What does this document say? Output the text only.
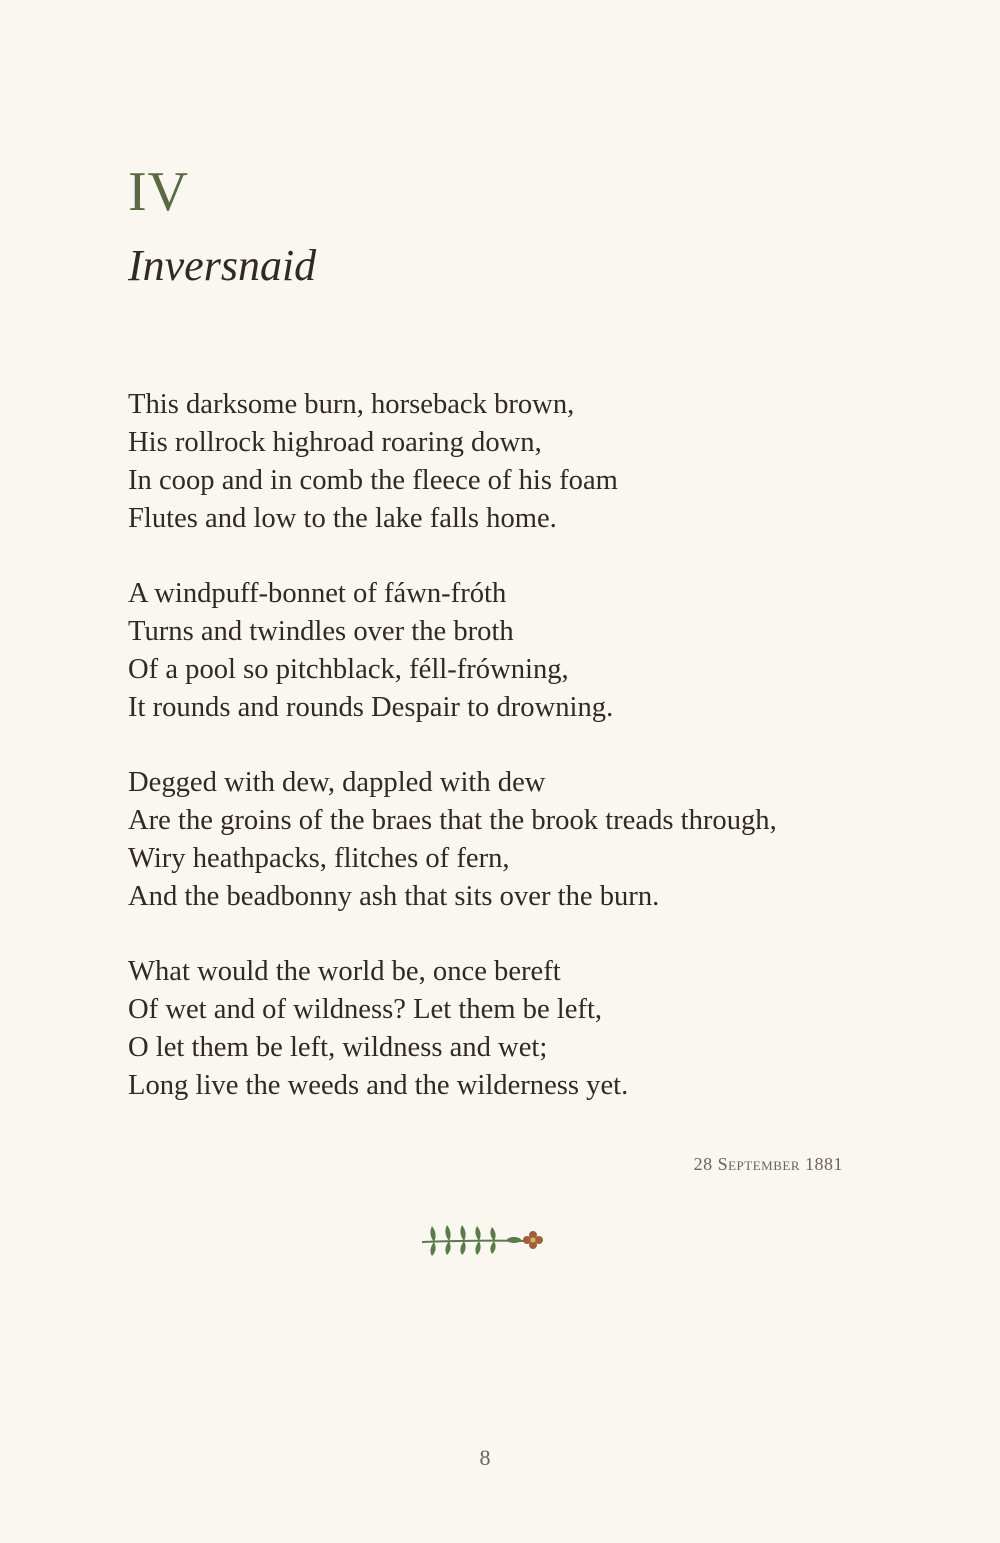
IV
Inversnaid
This darksome burn, horseback brown,
His rollrock highroad roaring down,
In coop and in comb the fleece of his foam
Flutes and low to the lake falls home.
A windpuff-bonnet of fáwn-fróth
Turns and twindles over the broth
Of a pool so pitchblack, féll-frówning,
It rounds and rounds Despair to drowning.
Degged with dew, dappled with dew
Are the groins of the braes that the brook treads through,
Wiry heathpacks, flitches of fern,
And the beadbonny ash that sits over the burn.
What would the world be, once bereft
Of wet and of wildness? Let them be left,
O let them be left, wildness and wet;
Long live the weeds and the wilderness yet.
28 September 1881
8
